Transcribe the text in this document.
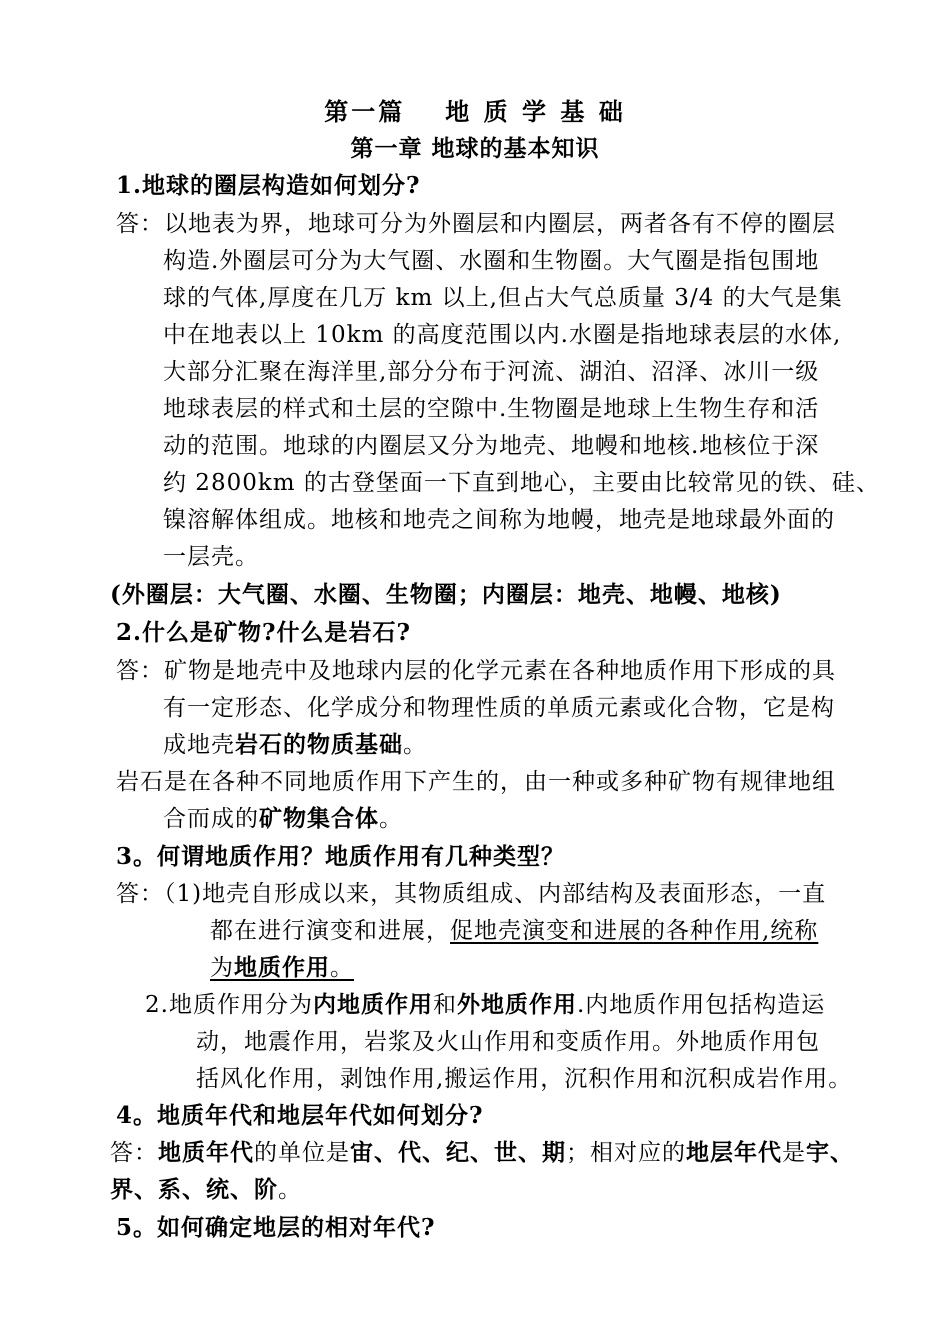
第一篇 地 质 学 基 础
第一章 地球的基本知识
1.地球的圈层构造如何划分?
答：以地表为界，地球可分为外圈层和内圈层，两者各有不停的圈层
构造.外圈层可分为大气圈、水圈和生物圈。大气圈是指包围地
球的气体,厚度在几万 km 以上,但占大气总质量 3/4 的大气是集
中在地表以上 10km 的高度范围以内.水圈是指地球表层的水体,
大部分汇聚在海洋里,部分分布于河流、湖泊、沼泽、冰川一级
地球表层的样式和土层的空隙中.生物圈是地球上生物生存和活
动的范围。地球的内圈层又分为地壳、地幔和地核.地核位于深
约 2800km 的古登堡面一下直到地心，主要由比较常见的铁、硅、
镍溶解体组成。地核和地壳之间称为地幔，地壳是地球最外面的
一层壳。
(外圈层：大气圈、水圈、生物圈；内圈层：地壳、地幔、地核)
2.什么是矿物?什么是岩石?
答：矿物是地壳中及地球内层的化学元素在各种地质作用下形成的具
有一定形态、化学成分和物理性质的单质元素或化合物，它是构
成地壳岩石的物质基础。
岩石是在各种不同地质作用下产生的，由一种或多种矿物有规律地组
合而成的矿物集合体。
3。何谓地质作用？地质作用有几种类型？
答：（1)地壳自形成以来，其物质组成、内部结构及表面形态，一直
都在进行演变和进展，促地壳演变和进展的各种作用,统称
为地质作用。
2.地质作用分为内地质作用和外地质作用.内地质作用包括构造运
动，地震作用，岩浆及火山作用和变质作用。外地质作用包
括风化作用，剥蚀作用,搬运作用，沉积作用和沉积成岩作用。
4。地质年代和地层年代如何划分?
答：地质年代的单位是宙、代、纪、世、期；相对应的地层年代是宇、
界、系、统、阶。
5。如何确定地层的相对年代?
